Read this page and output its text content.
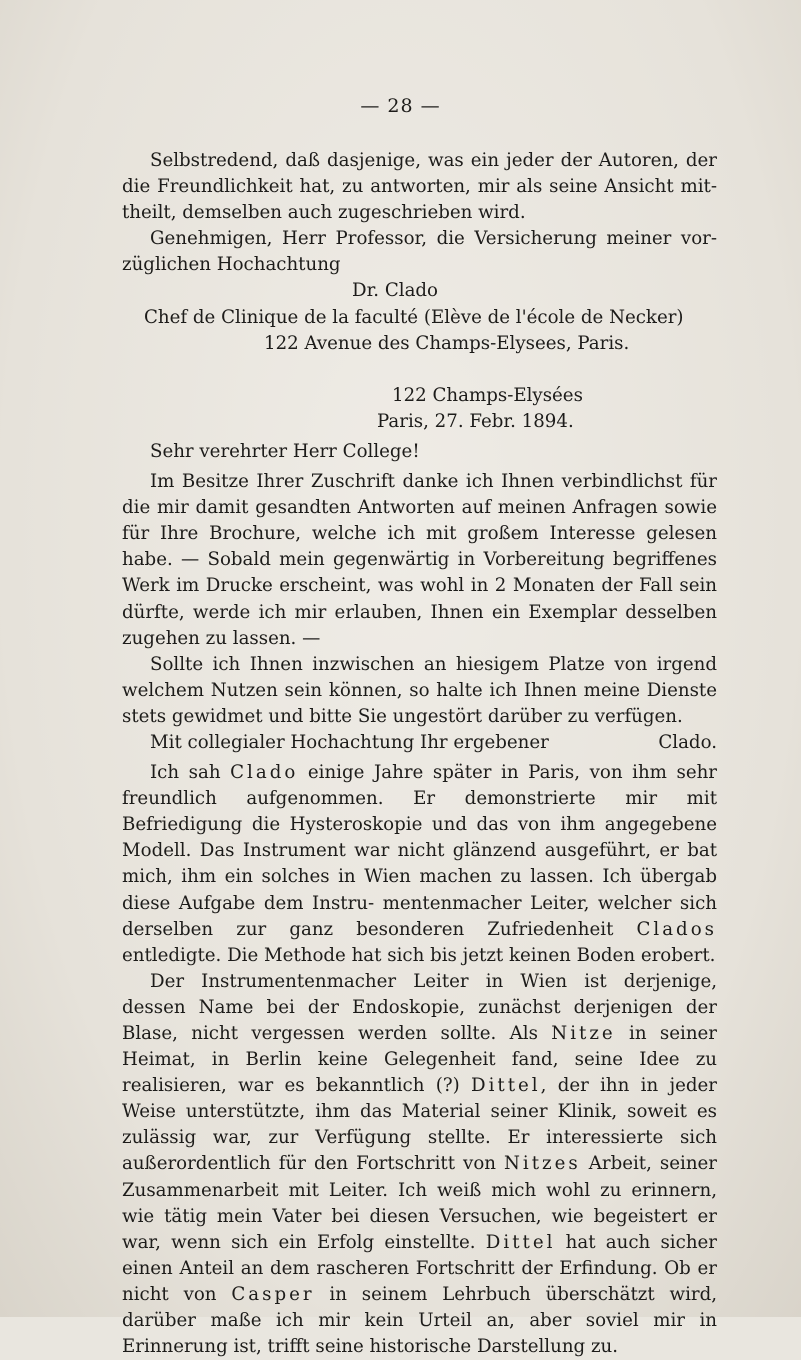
— 28 —

Selbstredend, daß dasjenige, was ein jeder der Autoren, der die Freundlichkeit hat, zu antworten, mir als seine Ansicht mit- theilt, demselben auch zugeschrieben wird.

Genehmigen, Herr Professor, die Versicherung meiner vor- züglichen Hochachtung

Dr. Clado

Chef de Clinique de la faculté (Elève de l'école de Necker)

122 Avenue des Champs-Elysees, Paris.

122 Champs-Elysées

Paris, 27. Febr. 1894.

Sehr verehrter Herr College!

Im Besitze Ihrer Zuschrift danke ich Ihnen verbindlichst für die mir damit gesandten Antworten auf meinen Anfragen sowie für Ihre Brochure, welche ich mit großem Interesse gelesen habe. — Sobald mein gegenwärtig in Vorbereitung begriffenes Werk im Drucke erscheint, was wohl in 2 Monaten der Fall sein dürfte, werde ich mir erlauben, Ihnen ein Exemplar desselben zugehen zu lassen. —

Sollte ich Ihnen inzwischen an hiesigem Platze von irgend welchem Nutzen sein können, so halte ich Ihnen meine Dienste stets gewidmet und bitte Sie ungestört darüber zu verfügen.

Mit collegialer Hochachtung Ihr ergebener	Clado.

Ich sah Clado einige Jahre später in Paris, von ihm sehr freundlich aufgenommen. Er demonstrierte mir mit Befriedigung die Hysteroskopie und das von ihm angegebene Modell. Das Instrument war nicht glänzend ausgeführt, er bat mich, ihm ein solches in Wien machen zu lassen. Ich übergab diese Aufgabe dem Instru- mentenmacher Leiter, welcher sich derselben zur ganz besonderen Zufriedenheit Clados entledigte. Die Methode hat sich bis jetzt keinen Boden erobert.

Der Instrumentenmacher Leiter in Wien ist derjenige, dessen Name bei der Endoskopie, zunächst derjenigen der Blase, nicht vergessen werden sollte. Als Nitze in seiner Heimat, in Berlin keine Gelegenheit fand, seine Idee zu realisieren, war es bekanntlich (?) Dittel, der ihn in jeder Weise unterstützte, ihm das Material seiner Klinik, soweit es zulässig war, zur Verfügung stellte. Er interessierte sich außerordentlich für den Fortschritt von Nitzes Arbeit, seiner Zusammenarbeit mit Leiter. Ich weiß mich wohl zu erinnern, wie tätig mein Vater bei diesen Versuchen, wie begeistert er war, wenn sich ein Erfolg einstellte. Dittel hat auch sicher einen Anteil an dem rascheren Fortschritt der Erfindung. Ob er nicht von Casper in seinem Lehrbuch überschätzt wird, darüber maße ich mir kein Urteil an, aber soviel mir in Erinnerung ist, trifft seine historische Darstellung zu.
